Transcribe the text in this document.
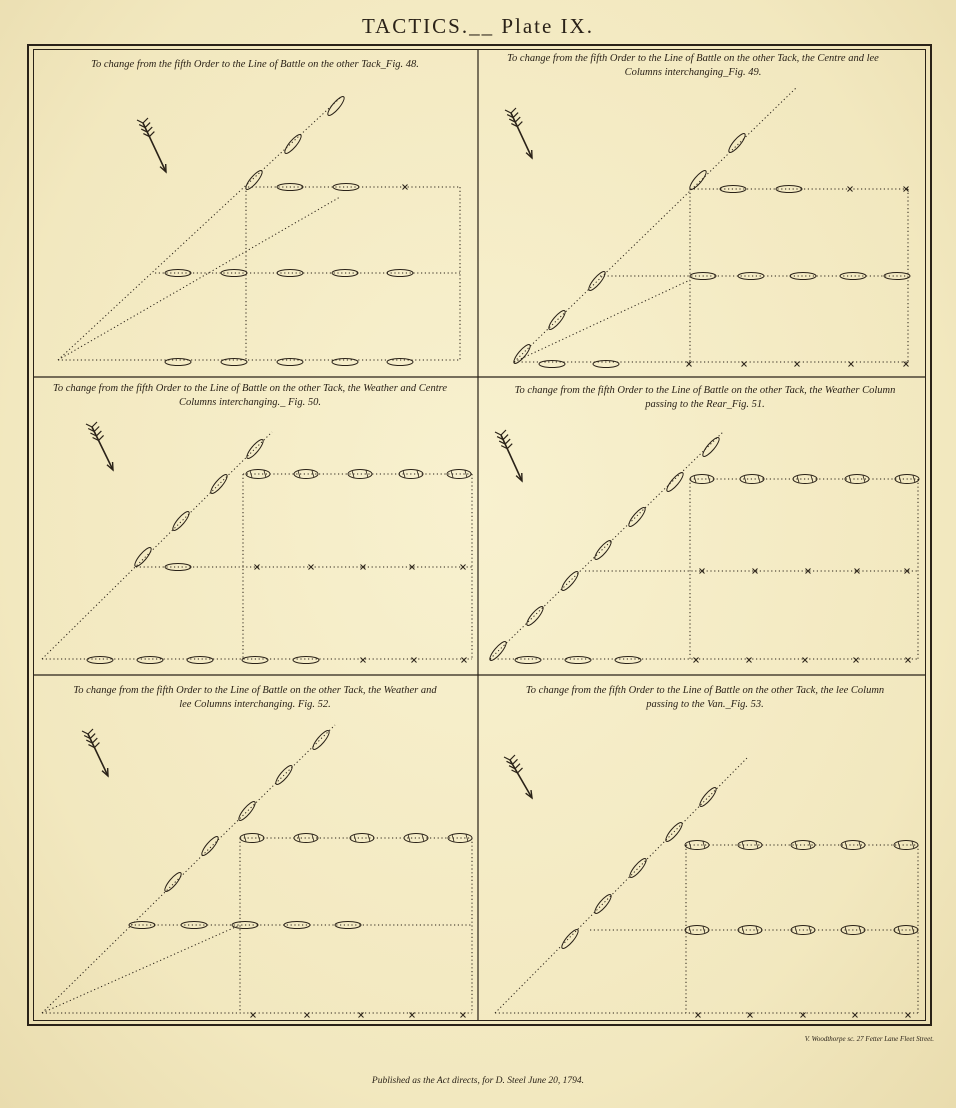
TACTICS.__ Plate IX.
To change from the fifth Order to the Line of Battle on the other Tack_Fig. 48.
To change from the fifth Order to the Line of Battle on the other Tack, the Centre and lee Columns interchanging_Fig. 49.
To change from the fifth Order to the Line of Battle on the other Tack, the Weather and Centre Columns interchanging._ Fig. 50.
To change from the fifth Order to the Line of Battle on the other Tack, the Weather Column passing to the Rear_Fig. 51.
To change from the fifth Order to the Line of Battle on the other Tack, the Weather and lee Columns interchanging. Fig. 52.
To change from the fifth Order to the Line of Battle on the other Tack, the lee Column passing to the Van._Fig. 53.
V. Woodthorpe sc. 27 Fetter Lane Fleet Street.
Published as the Act directs, for D. Steel June 20, 1794.
